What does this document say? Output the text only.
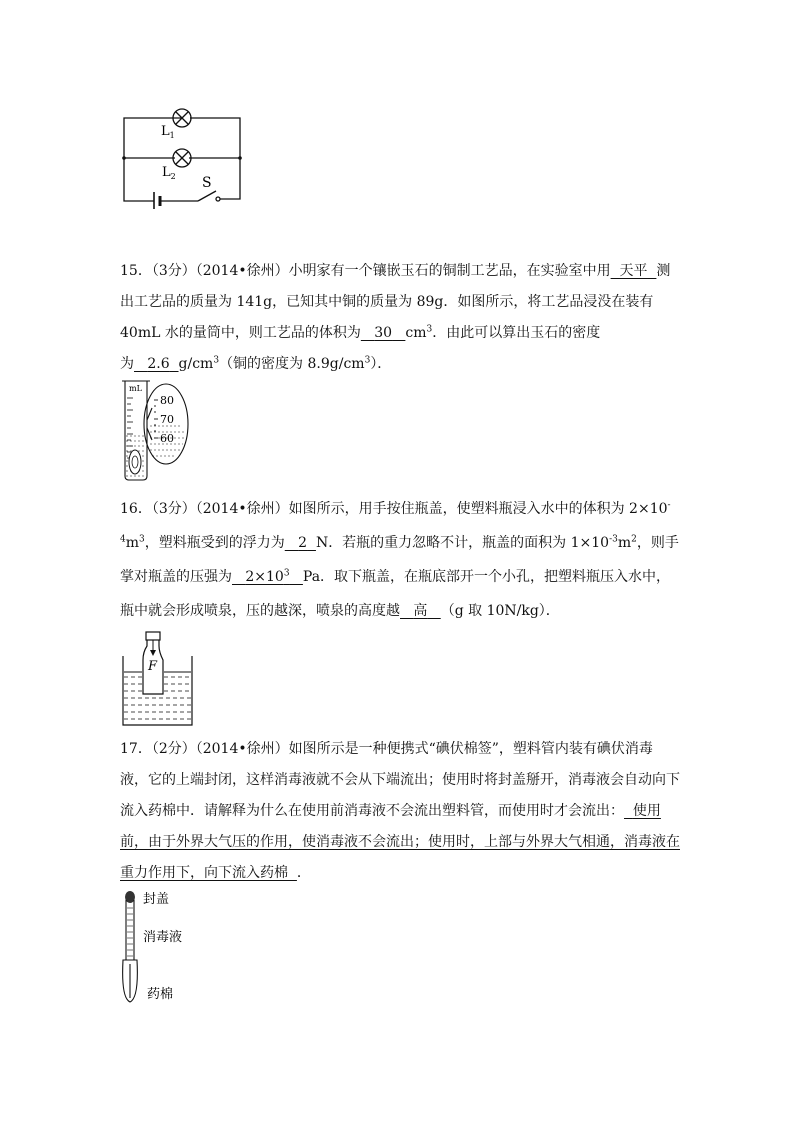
$L_1$
$L_2$ S
15．（3分）（2014•徐州）小明家有一个镶嵌玉石的铜制工艺品，在实验室中用 天平 测出工艺品的质量为 141g，已知其中铜的质量为 89g．如图所示，将工艺品浸没在装有 40mL 水的量筒中，则工艺品的体积为 30 $cm^3$．由此可以算出玉石的密度为 2.6 $g/cm^3$（铜的密度为 $8.9g/cm^3$）．
mL
80
70
60
16．（3分）（2014•徐州）如图所示，用手按住瓶盖，使塑料瓶浸入水中的体积为 $2\times 10^{-4}m^3$，塑料瓶受到的浮力为 2 N．若瓶的重力忽略不计，瓶盖的面积为 $1\times 10^{-3}m^2$，则手掌对瓶盖的压强为 $2\times 10^3$ Pa．取下瓶盖，在瓶底部开一个小孔，把塑料瓶压入水中，瓶中就会形成喷泉，压的越深，喷泉的高度越 高 （g 取 10N/kg）．
F
17．（2分）（2014•徐州）如图所示是一种便携式“碘伏棉签”，塑料管内装有碘伏消毒液，它的上端封闭，这样消毒液就不会从下端流出；使用时将封盖掰开，消毒液会自动向下流入药棉中．请解释为什么在使用前消毒液不会流出塑料管，而使用时才会流出： 使用前，由于外界大气压的作用，使消毒液不会流出；使用时，上部与外界大气相通，消毒液在重力作用下，向下流入药棉 ．
封盖
消毒液
药棉
